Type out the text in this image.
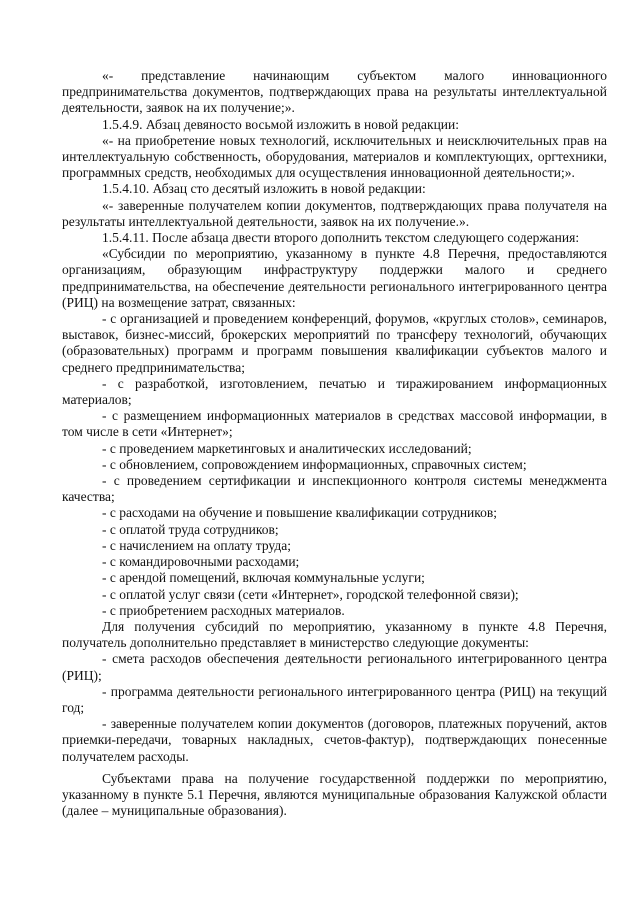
«- представление начинающим субъектом малого инновационного предпринимательства документов, подтверждающих права на результаты интеллектуальной деятельности, заявок на их получение;».

1.5.4.9. Абзац девяносто восьмой изложить в новой редакции:

«- на приобретение новых технологий, исключительных и неисключительных прав на интеллектуальную собственность, оборудования, материалов и комплектующих, оргтехники, программных средств, необходимых для осуществления инновационной деятельности;».

1.5.4.10. Абзац сто десятый изложить в новой редакции:

«- заверенные получателем копии документов, подтверждающих права получателя на результаты интеллектуальной деятельности, заявок на их получение.».

1.5.4.11. После абзаца двести второго дополнить текстом следующего содержания:

«Субсидии по мероприятию, указанному в пункте 4.8 Перечня, предоставляются организациям, образующим инфраструктуру поддержки малого и среднего предпринимательства, на обеспечение деятельности регионального интегрированного центра (РИЦ) на возмещение затрат, связанных:

- с организацией и проведением конференций, форумов, «круглых столов», семинаров, выставок, бизнес-миссий, брокерских мероприятий по трансферу технологий, обучающих (образовательных) программ и программ повышения квалификации субъектов малого и среднего предпринимательства;

- с разработкой, изготовлением, печатью и тиражированием информационных материалов;

- с размещением информационных материалов в средствах массовой информации, в том числе в сети «Интернет»;

- с проведением маркетинговых и аналитических исследований;

- с обновлением, сопровождением информационных, справочных систем;

- с проведением сертификации и инспекционного контроля системы менеджмента качества;

- с расходами на обучение и повышение квалификации сотрудников;

- с оплатой труда сотрудников;

- с начислением на оплату труда;

- с командировочными расходами;

- с арендой помещений, включая коммунальные услуги;

- с оплатой услуг связи (сети «Интернет», городской телефонной связи);

- с приобретением расходных материалов.

Для получения субсидий по мероприятию, указанному в пункте 4.8 Перечня, получатель дополнительно представляет в министерство следующие документы:

- смета расходов обеспечения деятельности регионального интегрированного центра (РИЦ);

- программа деятельности регионального интегрированного центра (РИЦ) на текущий год;

- заверенные получателем копии документов (договоров, платежных поручений, актов приемки-передачи, товарных накладных, счетов-фактур), подтверждающих понесенные получателем расходы.

Субъектами права на получение государственной поддержки по мероприятию, указанному в пункте 5.1 Перечня, являются муниципальные образования Калужской области (далее – муниципальные образования).
